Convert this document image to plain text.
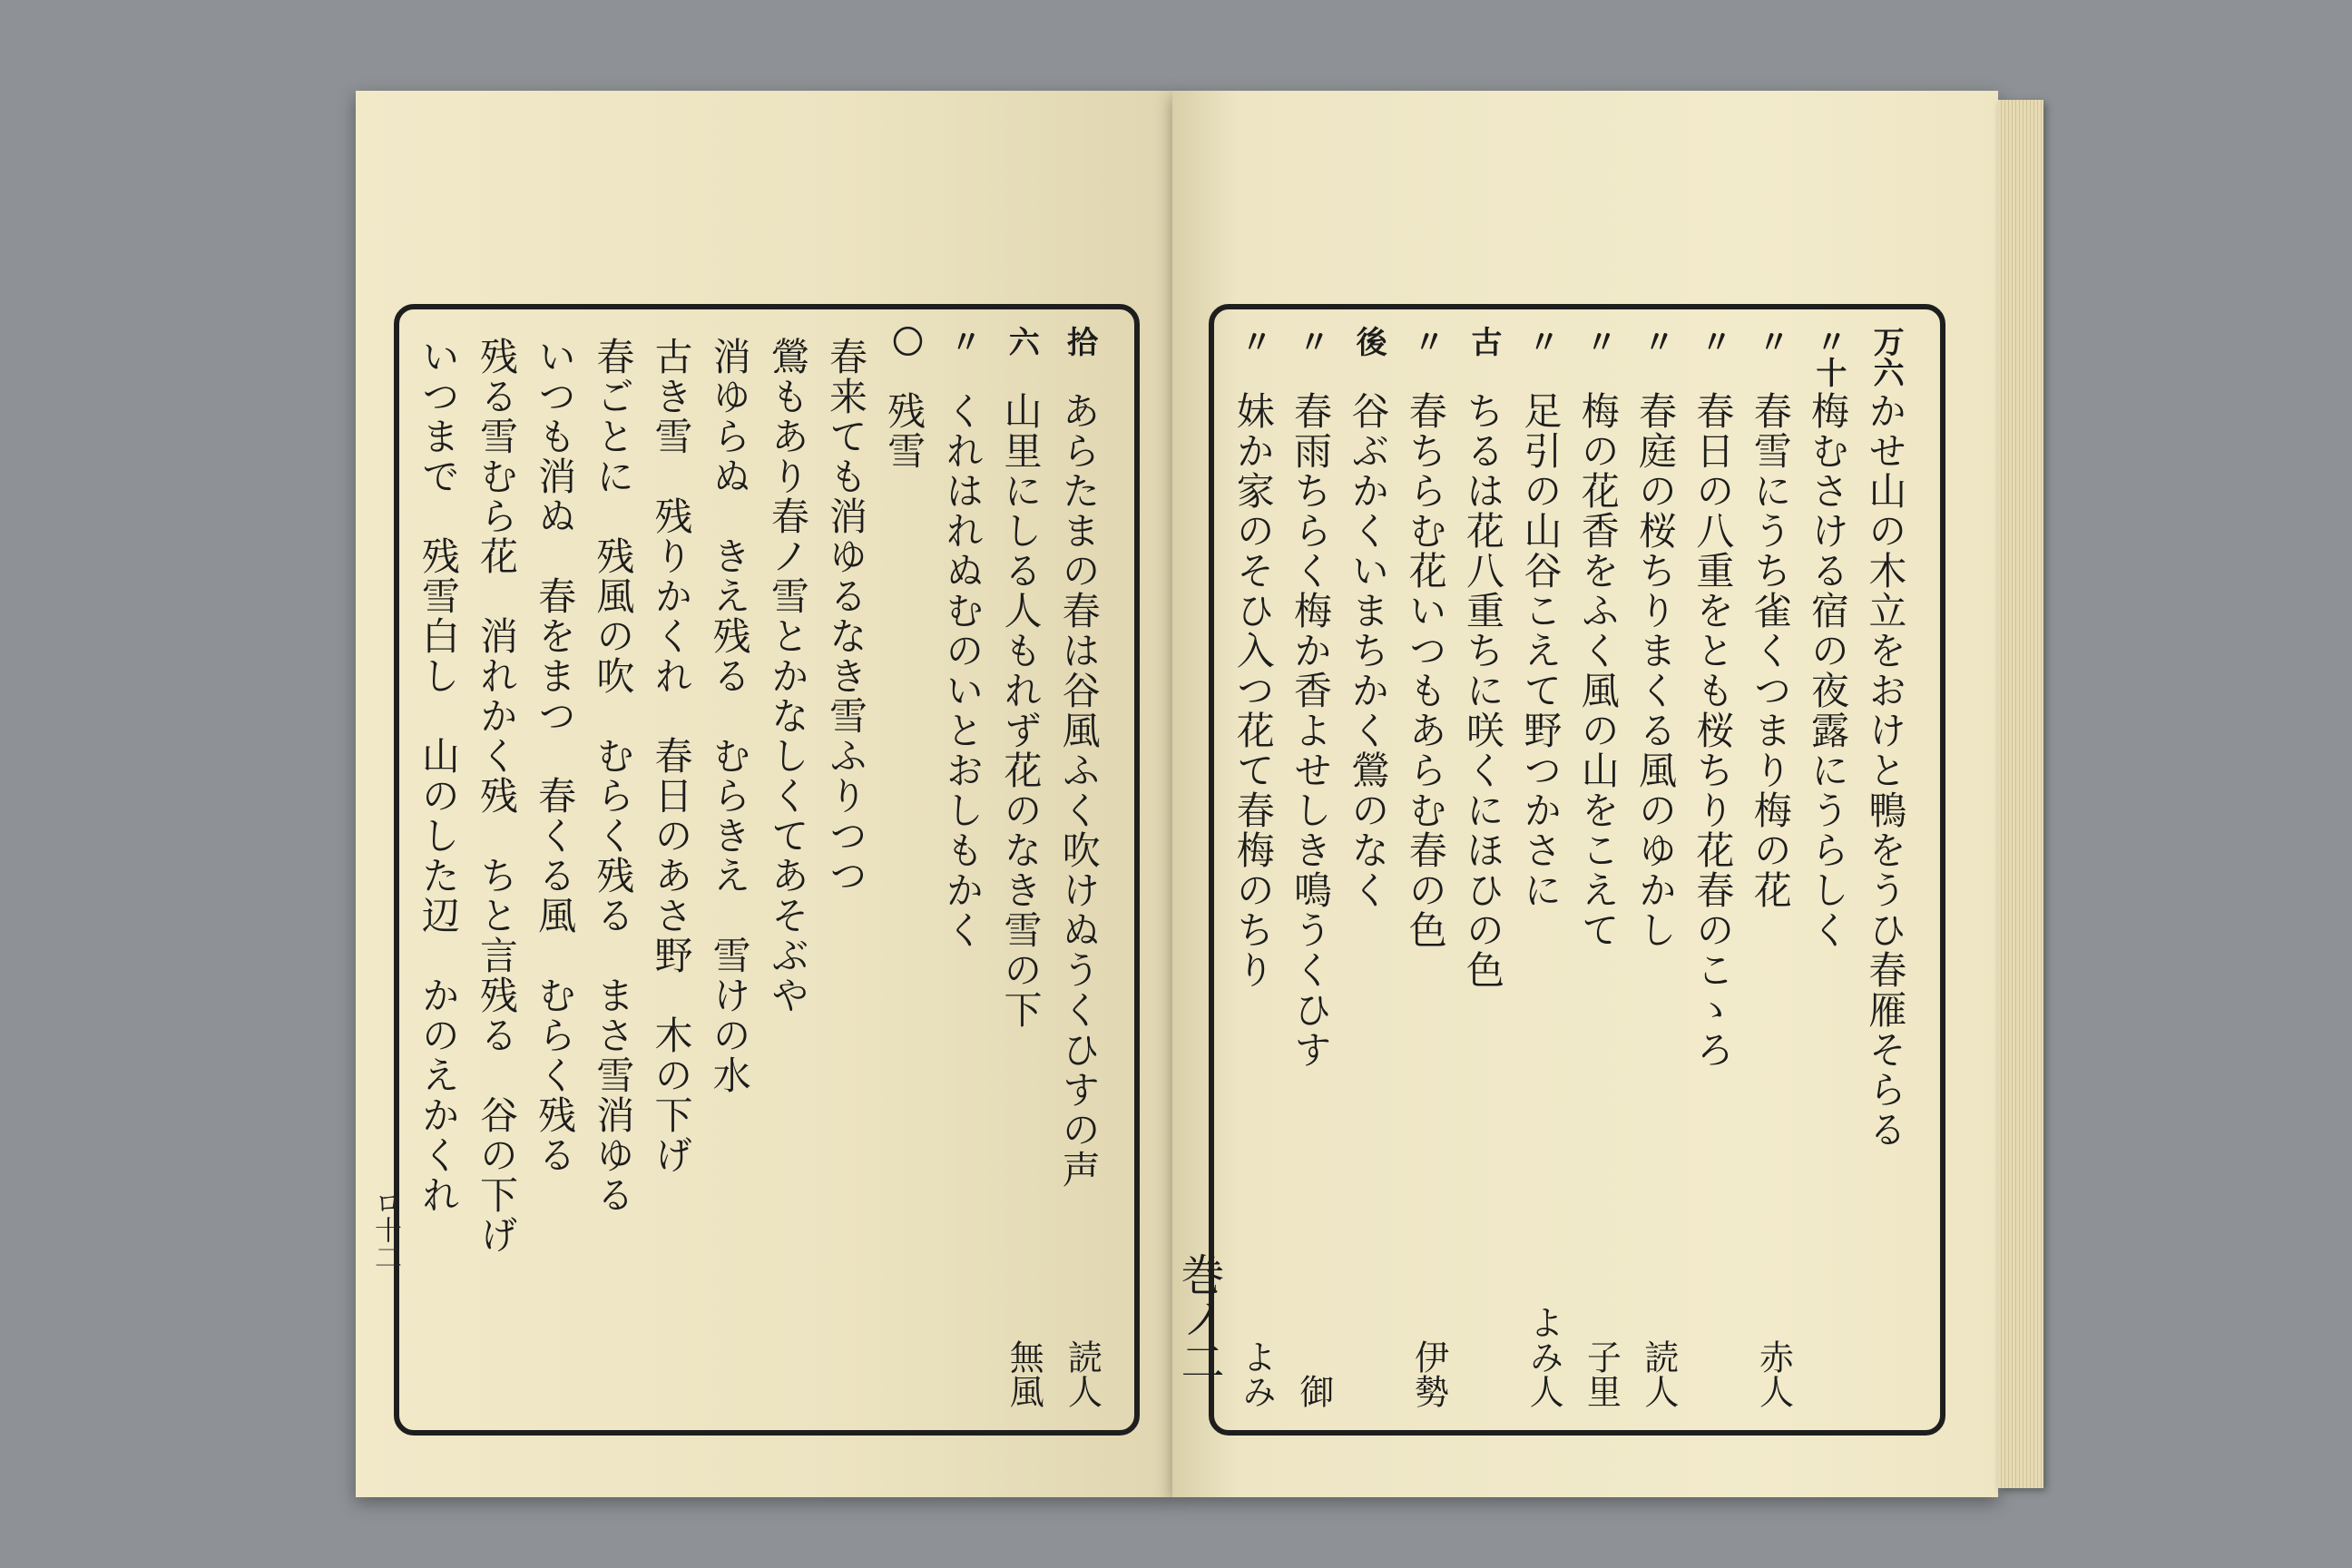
拾
あらたまの春は谷風ふく吹けぬうくひすの声
読人
六
山里にしる人もれず花のなき雪の下
無風
〃
くれはれぬむのいとおしもかく
〇
残雪
春来ても消ゆるなき雪ふりつつ
鶯もあり春ノ雪とかなしくてあそぶや
消ゆらぬ　きえ残る　むらきえ　雪けの水
古き雪　残りかくれ　春日のあさ野　木の下げ
春ごとに　残風の吹　むらく残る　まさ雪消ゆる
いつも消ぬ　春をまつ　春くる風　むらく残る
残る雪むら花　消れかく残　ちと言残る　谷の下げ
いつまで　残雪白し　山のした辺　かのえかくれ
ロ十二
万六
かせ山の木立をおけと鴨をうひ春雁そらる
〃十
梅むさける宿の夜露にうらしく
〃
春雪にうち雀くつまり梅の花
赤人
〃
春日の八重をとも桜ちり花春のこゝろ
〃
春庭の桜ちりまくる風のゆかし
読人
〃
梅の花香をふく風の山をこえて
子里
〃
足引の山谷こえて野つかさに
よみ人
古
ちるは花八重ちに咲くにほひの色
〃
春ちらむ花いつもあらむ春の色
伊勢
後
谷ぶかくいまちかく鶯のなく
〃
春雨ちらく梅か香よせしき鳴うくひす
御
〃
妹か家のそひ入つ花て春梅のちり
よみ
巻ノ二
